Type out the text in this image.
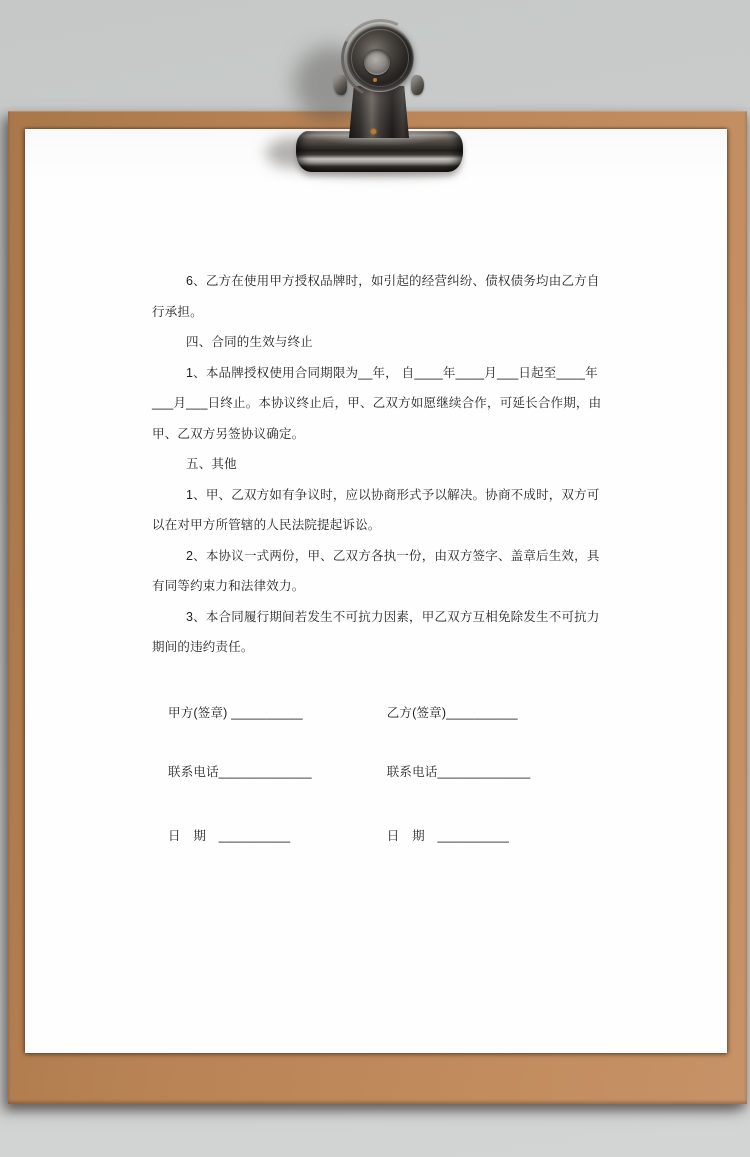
6、乙方在使用甲方授权品牌时，如引起的经营纠纷、债权债务均由乙方自
行承担。
四、合同的生效与终止
1、本品牌授权使用合同期限为__年， 自____年____月___日起至____年
___月___日终止。本协议终止后，甲、乙双方如愿继续合作，可延长合作期，由
甲、乙双方另签协议确定。
五、其他
1、甲、乙双方如有争议时，应以协商形式予以解决。协商不成时，双方可
以在对甲方所管辖的人民法院提起诉讼。
2、本协议一式两份，甲、乙双方各执一份，由双方签字、盖章后生效，具
有同等约束力和法律效力。
3、本合同履行期间若发生不可抗力因素，甲乙双方互相免除发生不可抗力
期间的违约责任。
甲方(签章) __________	乙方(签章)__________
联系电话_____________	联系电话_____________
日　期　__________	日　期　__________
